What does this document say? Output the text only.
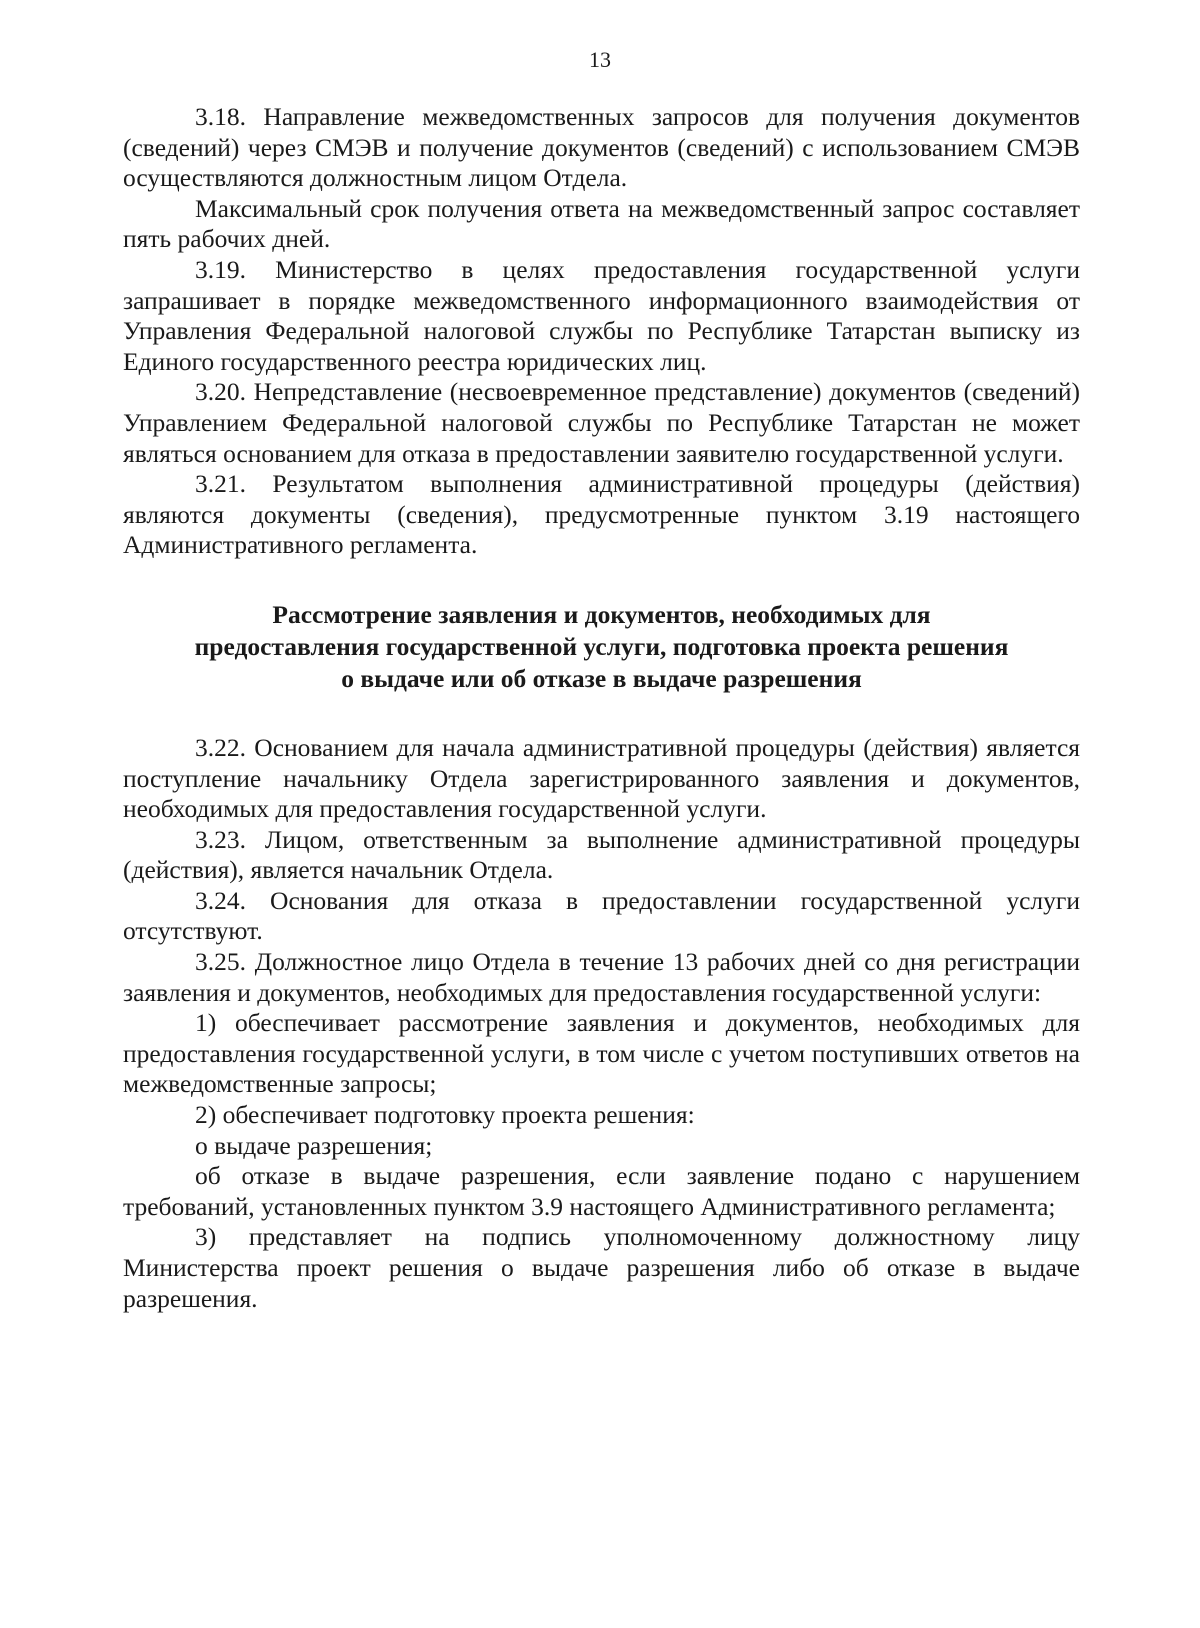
13

3.18. Направление межведомственных запросов для получения документов (сведений) через СМЭВ и получение документов (сведений) с использованием СМЭВ осуществляются должностным лицом Отдела.

Максимальный срок получения ответа на межведомственный запрос составляет пять рабочих дней.

3.19. Министерство в целях предоставления государственной услуги запрашивает в порядке межведомственного информационного взаимодействия от Управления Федеральной налоговой службы по Республике Татарстан выписку из Единого государственного реестра юридических лиц.

3.20. Непредставление (несвоевременное представление) документов (сведений) Управлением Федеральной налоговой службы по Республике Татарстан не может являться основанием для отказа в предоставлении заявителю государственной услуги.

3.21. Результатом выполнения административной процедуры (действия) являются документы (сведения), предусмотренные пунктом 3.19 настоящего Административного регламента.

Рассмотрение заявления и документов, необходимых для
предоставления государственной услуги, подготовка проекта решения
о выдаче или об отказе в выдаче разрешения

3.22. Основанием для начала административной процедуры (действия) является поступление начальнику Отдела зарегистрированного заявления и документов, необходимых для предоставления государственной услуги.

3.23. Лицом, ответственным за выполнение административной процедуры (действия), является начальник Отдела.

3.24. Основания для отказа в предоставлении государственной услуги отсутствуют.

3.25. Должностное лицо Отдела в течение 13 рабочих дней со дня регистрации заявления и документов, необходимых для предоставления государственной услуги:

1) обеспечивает рассмотрение заявления и документов, необходимых для предоставления государственной услуги, в том числе с учетом поступивших ответов на межведомственные запросы;

2) обеспечивает подготовку проекта решения:

о выдаче разрешения;

об отказе в выдаче разрешения, если заявление подано с нарушением требований, установленных пунктом 3.9 настоящего Административного регламента;

3) представляет на подпись уполномоченному должностному лицу Министерства проект решения о выдаче разрешения либо об отказе в выдаче разрешения.
